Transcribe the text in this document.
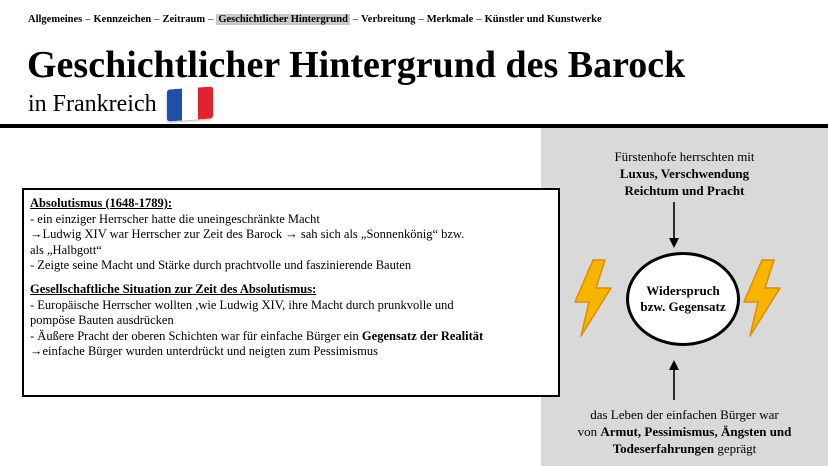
Allgemeines – Kennzeichen – Zeitraum – Geschichtlicher Hintergrund – Verbreitung – Merkmale – Künstler und Kunstwerke
Geschichtlicher Hintergrund des Barock
in Frankreich
Fürstenhofe herrschten mit
Luxus, Verschwendung
Reichtum und Pracht
Widerspruch
bzw. Gegensatz
das Leben der einfachen Bürger war
von Armut, Pessimismus, Ängsten und
Todeserfahrungen geprägt
Absolutismus (1648-1789):
- ein einziger Herrscher hatte die uneingeschränkte Macht
→Ludwig XIV war Herrscher zur Zeit des Barock → sah sich als „Sonnenkönig“ bzw.
als „Halbgott“
- Zeigte seine Macht und Stärke durch prachtvolle und faszinierende Bauten
Gesellschaftliche Situation zur Zeit des Absolutismus:
- Europäische Herrscher wollten ,wie Ludwig XIV, ihre Macht durch prunkvolle und
pompöse Bauten ausdrücken
- Äußere Pracht der oberen Schichten war für einfache Bürger ein Gegensatz der Realität
→einfache Bürger wurden unterdrückt und neigten zum Pessimismus
